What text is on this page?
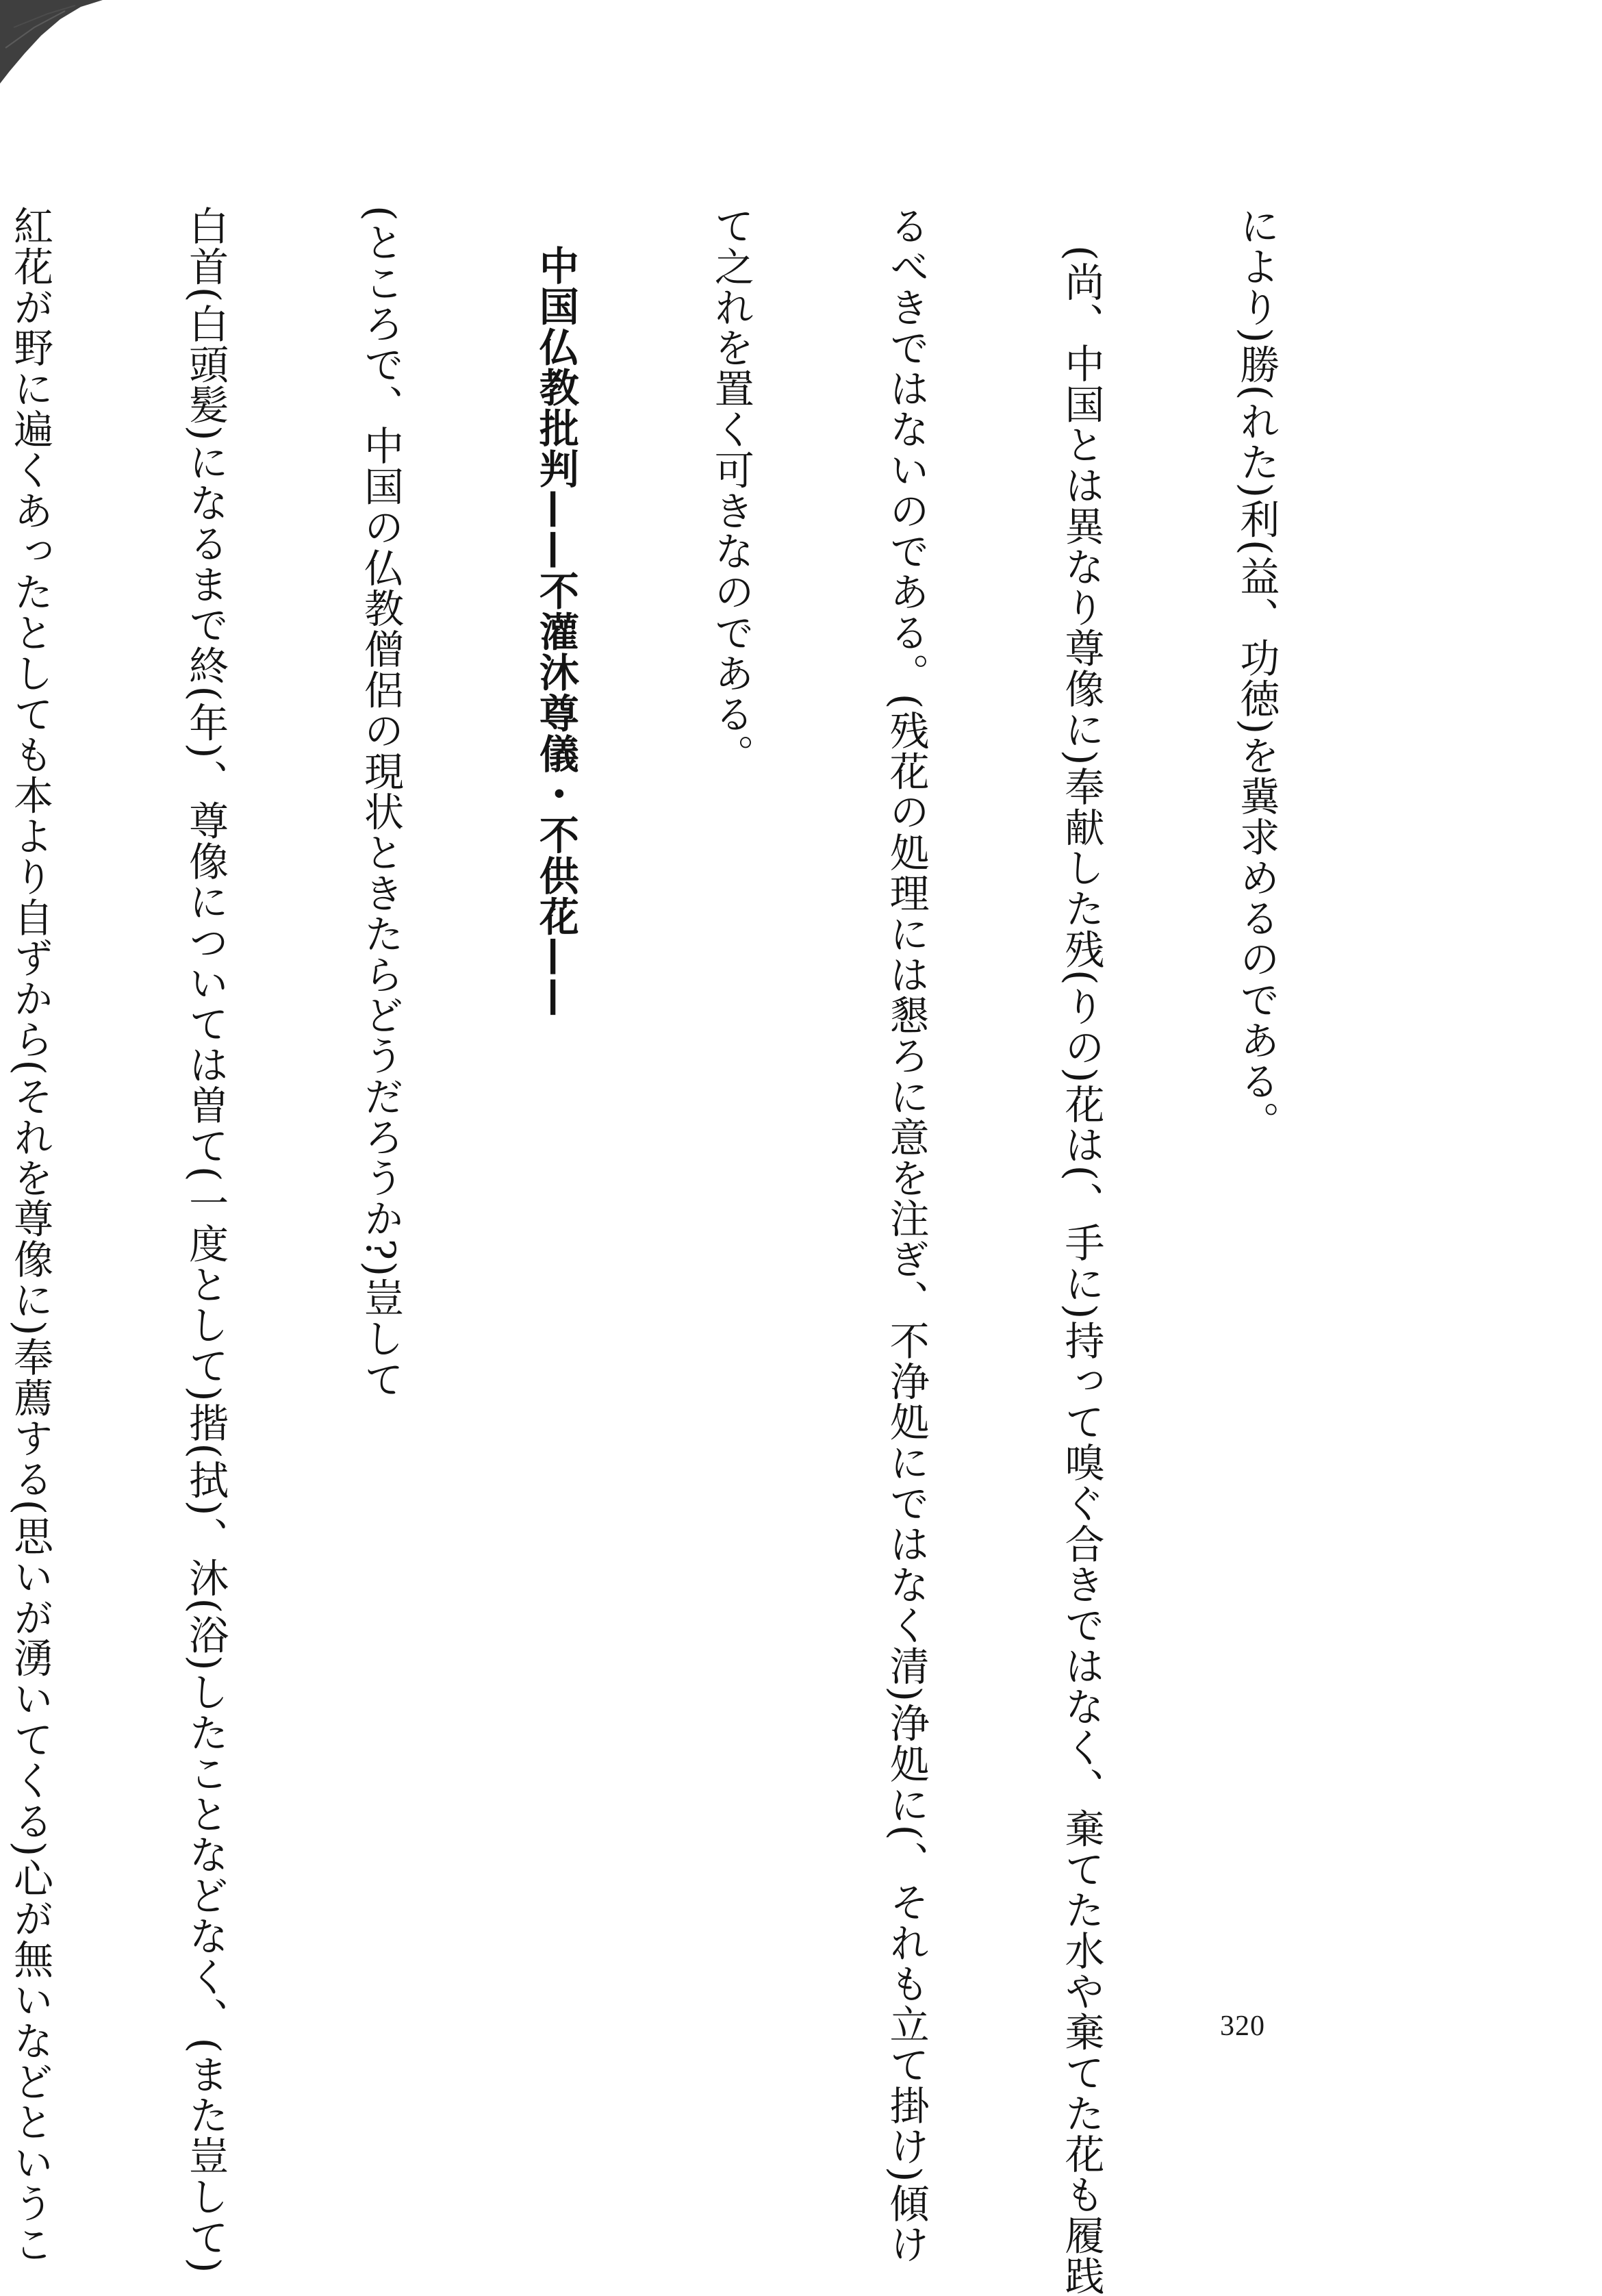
により)勝(れた)利(益、功徳)を冀求めるのである。

(尚、中国とは異なり尊像に)奉献した残(りの)花は(、手に)持って嗅ぐ合きではなく、棄てた水や棄てた花も履践

るべきではないのである。(残花の処理には懇ろに意を注ぎ、不浄処にではなく清)浄処に(、それも立て掛け)傾け

て之れを置く可きなのである。

中国仏教批判——不灌沐尊儀・不供花——

(ところで、中国の仏教僧侶の現状ときたらどうだろうか?)豈して

白首(白頭髪)になるまで終(年)、尊像については曽て(一度として)揩(拭)、沐(浴)したことなどなく、(また豈して)

紅花が野に遍くあったとしても本より自ずから(それを尊像に)奉薦する(思いが湧いてくる)心が無いなどというこ

	320
